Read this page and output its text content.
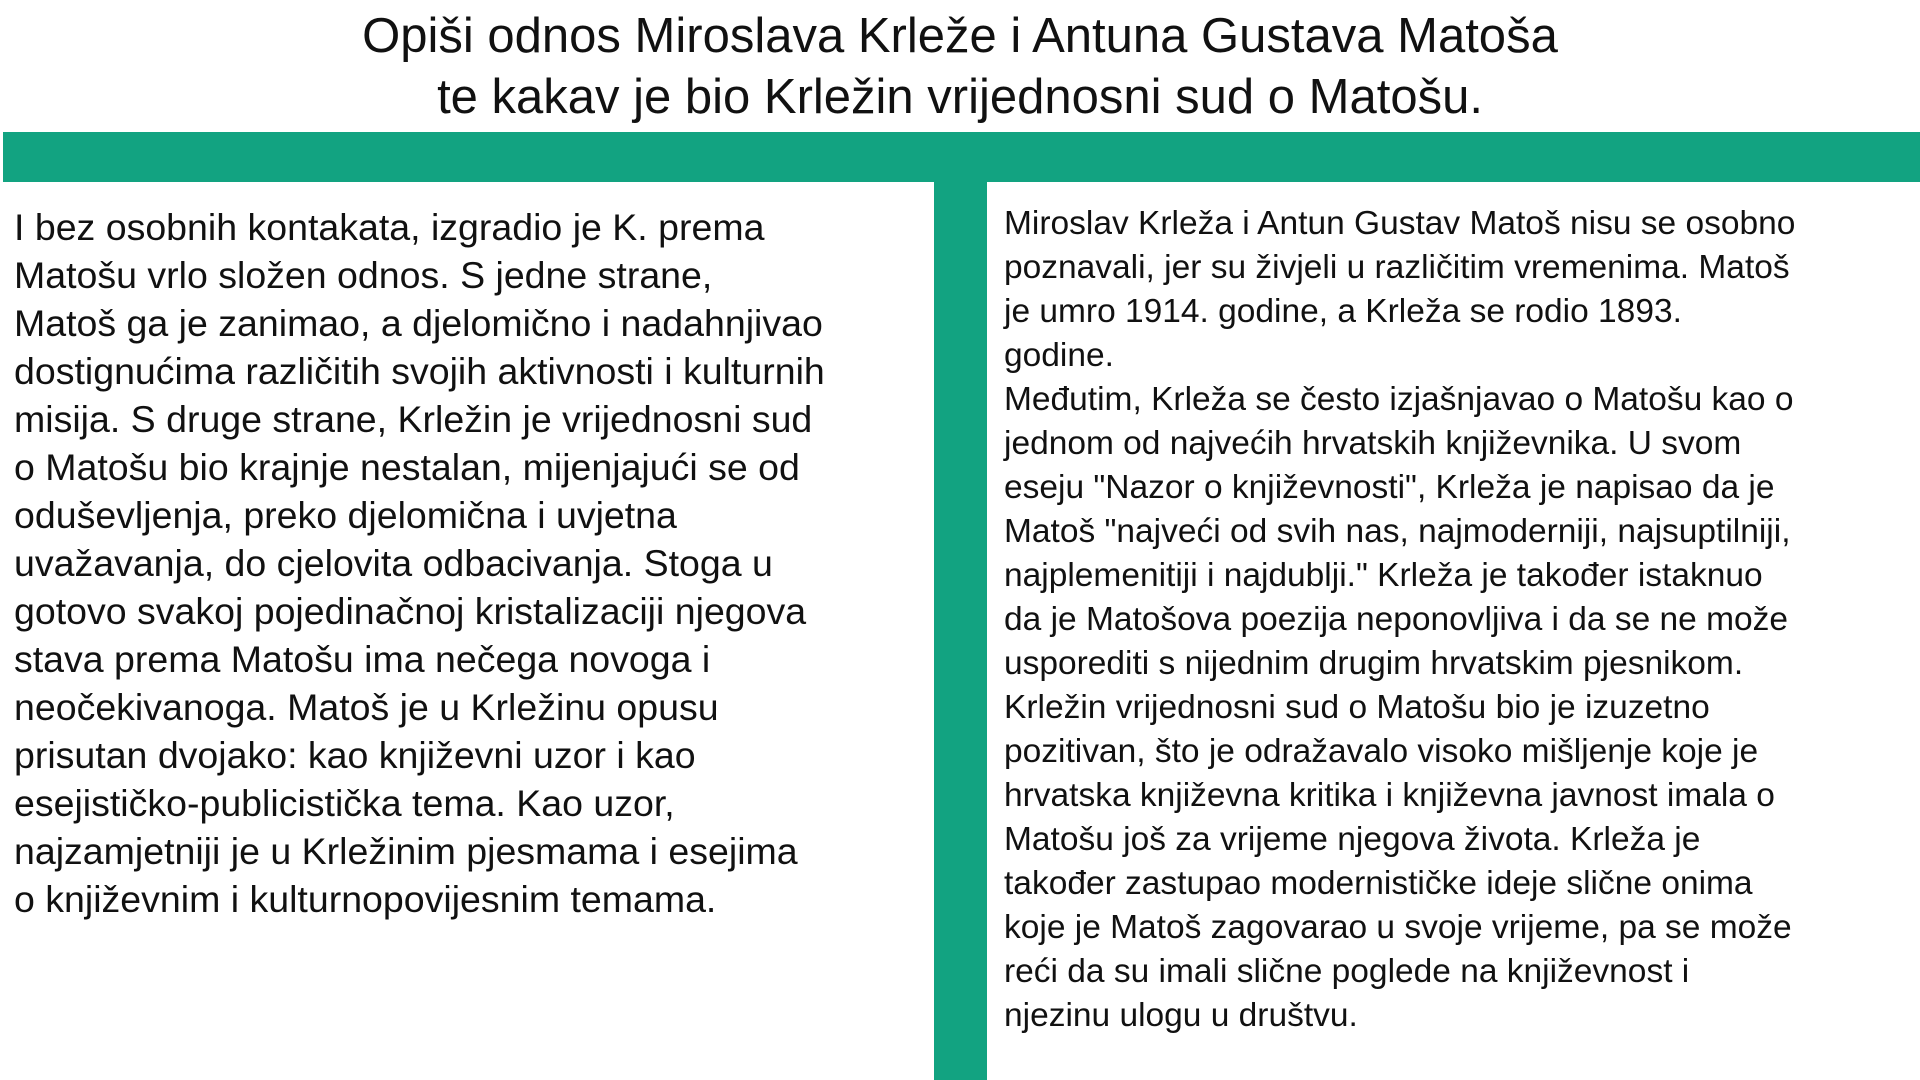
Opiši odnos Miroslava Krleže i Antuna Gustava Matoša
te kakav je bio Krležin vrijednosni sud o Matošu.

I bez osobnih kontakata, izgradio je K. prema
Matošu vrlo složen odnos. S jedne strane,
Matoš ga je zanimao, a djelomično i nadahnjivao
dostignućima različitih svojih aktivnosti i kulturnih
misija. S druge strane, Krležin je vrijednosni sud
o Matošu bio krajnje nestalan, mijenjajući se od
oduševljenja, preko djelomična i uvjetna
uvažavanja, do cjelovita odbacivanja. Stoga u
gotovo svakoj pojedinačnoj kristalizaciji njegova
stava prema Matošu ima nečega novoga i
neočekivanoga. Matoš je u Krležinu opusu
prisutan dvojako: kao književni uzor i kao
esejističko-publicistička tema. Kao uzor,
najzamjetniji je u Krležinim pjesmama i esejima
o književnim i kulturnopovijesnim temama.

Miroslav Krleža i Antun Gustav Matoš nisu se osobno
poznavali, jer su živjeli u različitim vremenima. Matoš
je umro 1914. godine, a Krleža se rodio 1893.
godine.
Međutim, Krleža se često izjašnjavao o Matošu kao o
jednom od najvećih hrvatskih književnika. U svom
eseju "Nazor o književnosti", Krleža je napisao da je
Matoš "najveći od svih nas, najmoderniji, najsuptilniji,
najplemenitiji i najdublji." Krleža je također istaknuo
da je Matošova poezija neponovljiva i da se ne može
usporediti s nijednim drugim hrvatskim pjesnikom.
Krležin vrijednosni sud o Matošu bio je izuzetno
pozitivan, što je odražavalo visoko mišljenje koje je
hrvatska književna kritika i književna javnost imala o
Matošu još za vrijeme njegova života. Krleža je
također zastupao modernističke ideje slične onima
koje je Matoš zagovarao u svoje vrijeme, pa se može
reći da su imali slične poglede na književnost i
njezinu ulogu u društvu.
